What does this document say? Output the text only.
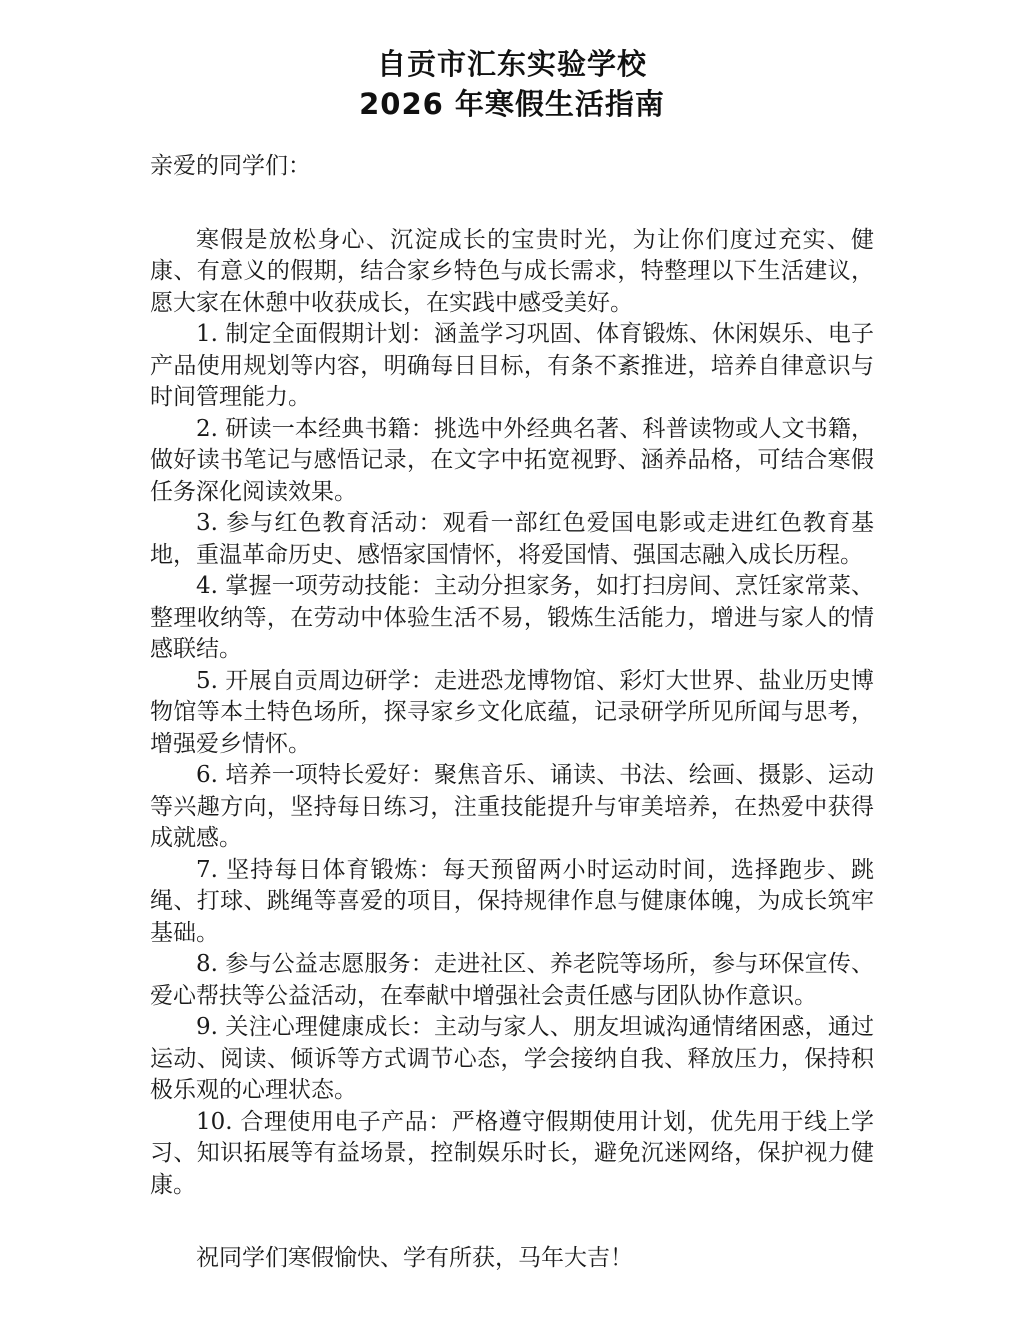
自贡市汇东实验学校
2026 年寒假生活指南

亲爱的同学们：

寒假是放松身心、沉淀成长的宝贵时光，为让你们度过充实、健康、有意义的假期，结合家乡特色与成长需求，特整理以下生活建议，愿大家在休憩中收获成长，在实践中感受美好。

1. 制定全面假期计划：涵盖学习巩固、体育锻炼、休闲娱乐、电子产品使用规划等内容，明确每日目标，有条不紊推进，培养自律意识与时间管理能力。
2. 研读一本经典书籍：挑选中外经典名著、科普读物或人文书籍，做好读书笔记与感悟记录，在文字中拓宽视野、涵养品格，可结合寒假任务深化阅读效果。
3. 参与红色教育活动：观看一部红色爱国电影或走进红色教育基地，重温革命历史、感悟家国情怀，将爱国情、强国志融入成长历程。
4. 掌握一项劳动技能：主动分担家务，如打扫房间、烹饪家常菜、整理收纳等，在劳动中体验生活不易，锻炼生活能力，增进与家人的情感联结。
5. 开展自贡周边研学：走进恐龙博物馆、彩灯大世界、盐业历史博物馆等本土特色场所，探寻家乡文化底蕴，记录研学所见所闻与思考，增强爱乡情怀。
6. 培养一项特长爱好：聚焦音乐、诵读、书法、绘画、摄影、运动等兴趣方向，坚持每日练习，注重技能提升与审美培养，在热爱中获得成就感。
7. 坚持每日体育锻炼：每天预留两小时运动时间，选择跑步、跳绳、打球、跳绳等喜爱的项目，保持规律作息与健康体魄，为成长筑牢基础。
8. 参与公益志愿服务：走进社区、养老院等场所，参与环保宣传、爱心帮扶等公益活动，在奉献中增强社会责任感与团队协作意识。
9. 关注心理健康成长：主动与家人、朋友坦诚沟通情绪困惑，通过运动、阅读、倾诉等方式调节心态，学会接纳自我、释放压力，保持积极乐观的心理状态。
10. 合理使用电子产品：严格遵守假期使用计划，优先用于线上学习、知识拓展等有益场景，控制娱乐时长，避免沉迷网络，保护视力健康。

祝同学们寒假愉快、学有所获，马年大吉！
